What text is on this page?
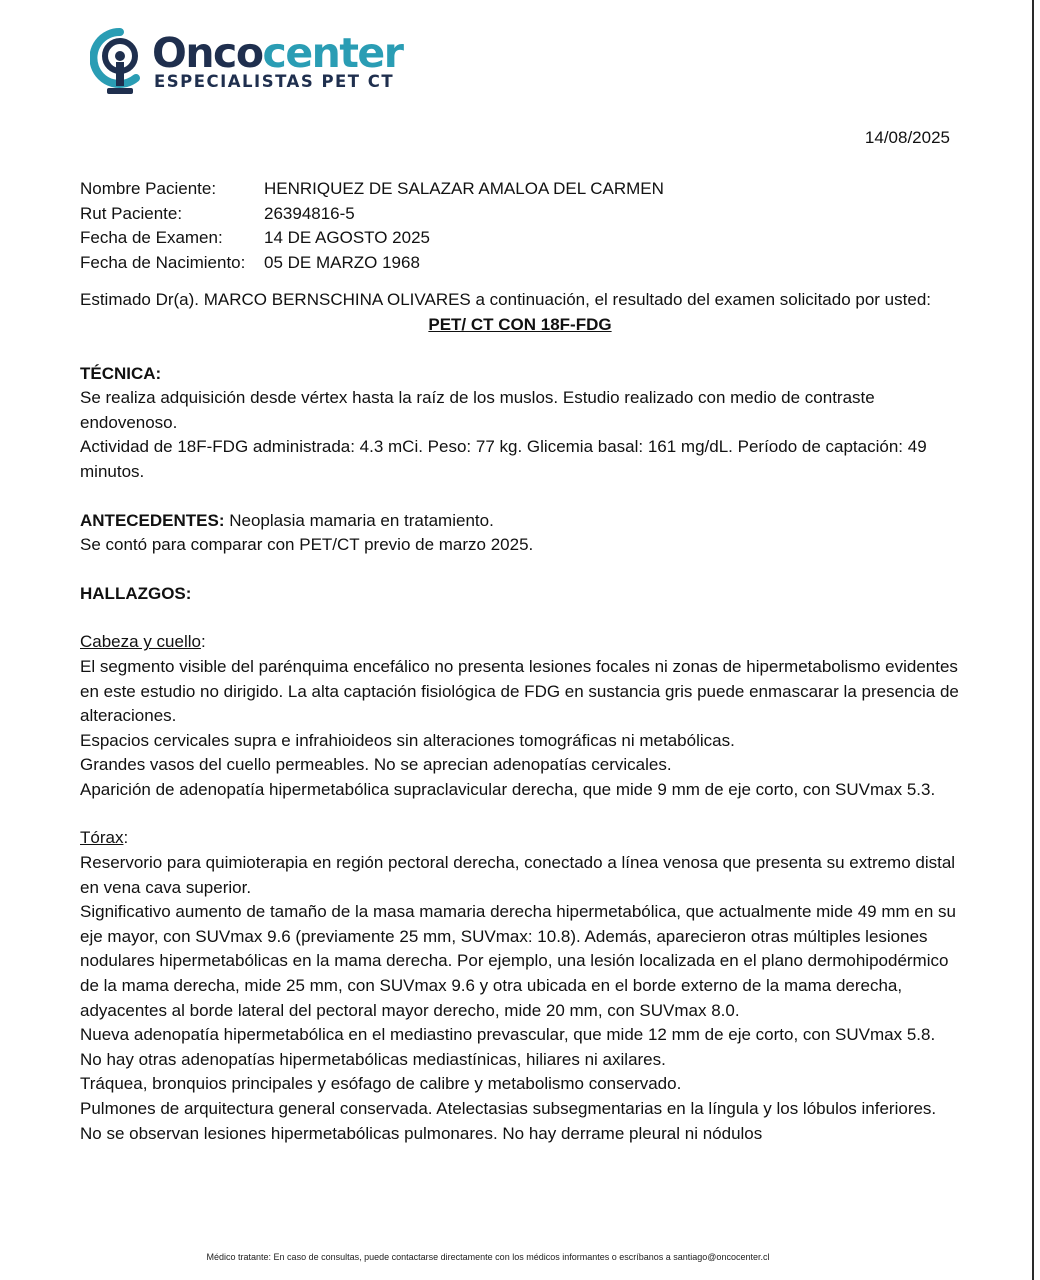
Oncocenter
ESPECIALISTAS PET CT
14/08/2025
Nombre Paciente:	HENRIQUEZ DE SALAZAR AMALOA DEL CARMEN
Rut Paciente:	26394816-5
Fecha de Examen:	14 DE AGOSTO 2025
Fecha de Nacimiento:	05 DE MARZO 1968

Estimado Dr(a). MARCO BERNSCHINA OLIVARES a continuación, el resultado del examen solicitado por usted:

PET/ CT CON 18F-FDG
TÉCNICA:

Se realiza adquisición desde vértex hasta la raíz de los muslos. Estudio realizado con medio de contraste endovenoso.

Actividad de 18F-FDG administrada: 4.3 mCi. Peso: 77 kg. Glicemia basal: 161 mg/dL. Período de captación: 49 minutos.

ANTECEDENTES: Neoplasia mamaria en tratamiento.

Se contó para comparar con PET/CT previo de marzo 2025.

HALLAZGOS:
Cabeza y cuello:

El segmento visible del parénquima encefálico no presenta lesiones focales ni zonas de hipermetabolismo evidentes en este estudio no dirigido. La alta captación fisiológica de FDG en sustancia gris puede enmascarar la presencia de alteraciones.

Espacios cervicales supra e infrahioideos sin alteraciones tomográficas ni metabólicas.

Grandes vasos del cuello permeables. No se aprecian adenopatías cervicales.

Aparición de adenopatía hipermetabólica supraclavicular derecha, que mide 9 mm de eje corto, con SUVmax 5.3.

Tórax:

Reservorio para quimioterapia en región pectoral derecha, conectado a línea venosa que presenta su extremo distal en vena cava superior.

Significativo aumento de tamaño de la masa mamaria derecha hipermetabólica, que actualmente mide 49 mm en su eje mayor, con SUVmax 9.6 (previamente 25 mm, SUVmax: 10.8). Además, aparecieron otras múltiples lesiones nodulares hipermetabólicas en la mama derecha. Por ejemplo, una lesión localizada en el plano dermohipodérmico de la mama derecha, mide 25 mm, con SUVmax 9.6 y otra ubicada en el borde externo de la mama derecha, adyacentes al borde lateral del pectoral mayor derecho, mide 20 mm, con SUVmax 8.0.

Nueva adenopatía hipermetabólica en el mediastino prevascular, que mide 12 mm de eje corto, con SUVmax 5.8. No hay otras adenopatías hipermetabólicas mediastínicas, hiliares ni axilares.

Tráquea, bronquios principales y esófago de calibre y metabolismo conservado.

Pulmones de arquitectura general conservada. Atelectasias subsegmentarias en la língula y los lóbulos inferiores. No se observan lesiones hipermetabólicas pulmonares. No hay derrame pleural ni nódulos

Médico tratante: En caso de consultas, puede contactarse directamente con los médicos informantes o escríbanos a santiago@oncocenter.cl
